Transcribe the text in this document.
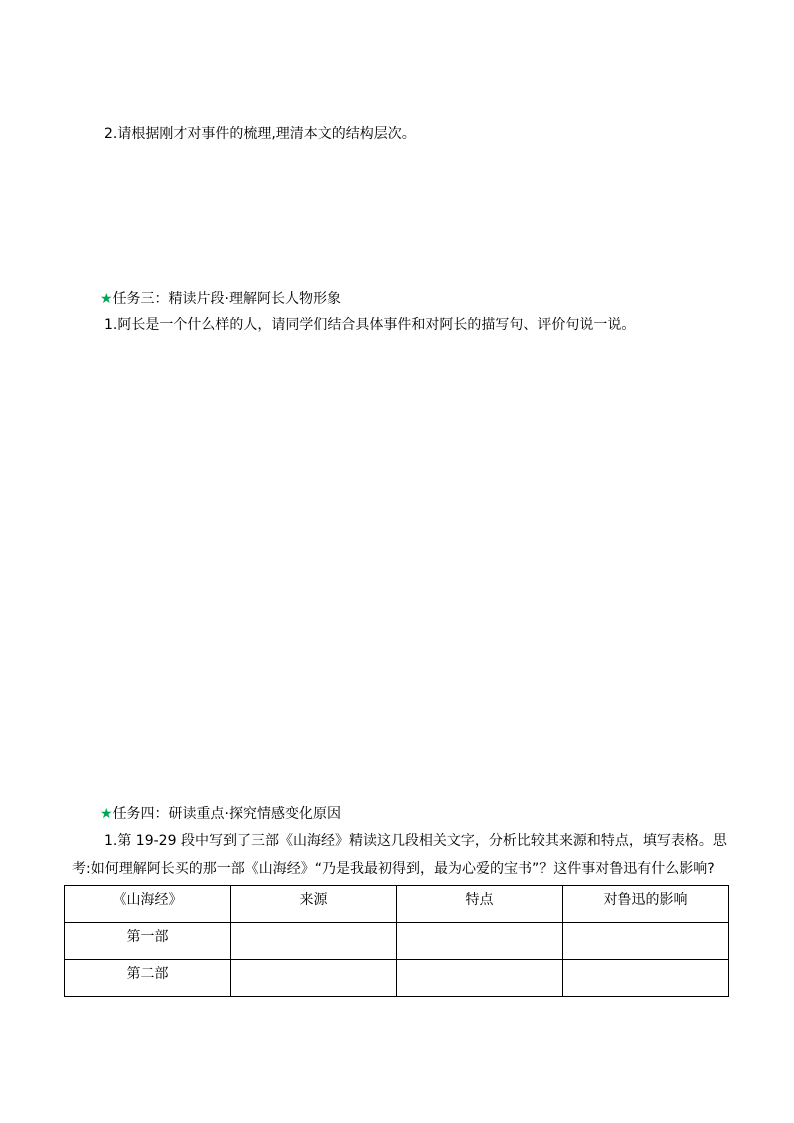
2.请根据刚才对事件的梳理,理清本文的结构层次。
★任务三：精读片段·理解阿长人物形象
1.阿长是一个什么样的人，请同学们结合具体事件和对阿长的描写句、评价句说一说。
★任务四：研读重点·探究情感变化原因
1.第 19-29 段中写到了三部《山海经》精读这几段相关文字，分析比较其来源和特点，填写表格。思
考:如何理解阿长买的那一部《山海经》“乃是我最初得到，最为心爱的宝书”？这件事对鲁迅有什么影响?
《山海经》	来源	特点	对鲁迅的影响
第一部			
第二部			
